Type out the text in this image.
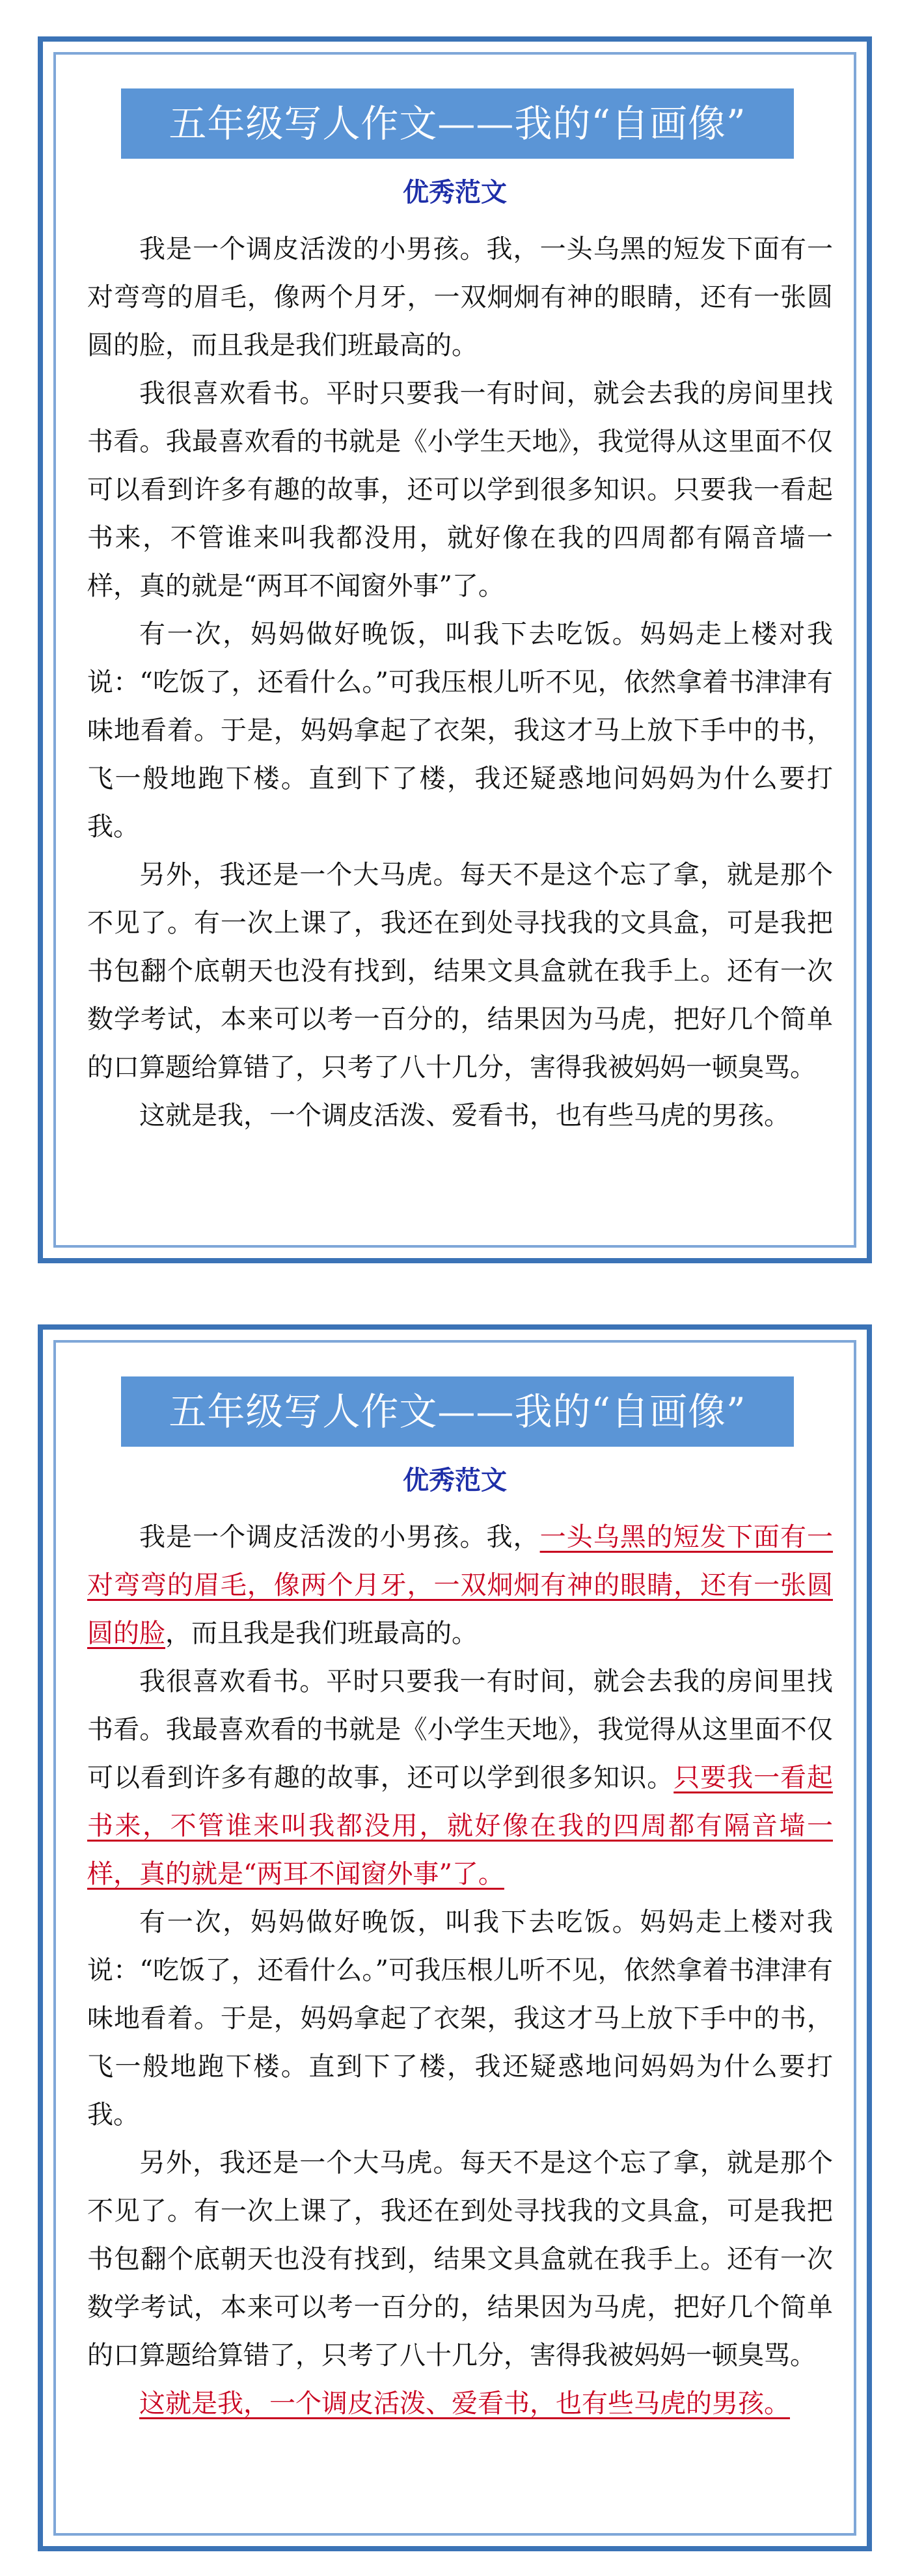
五年级写人作文——我的“自画像”
优秀范文

我是一个调皮活泼的小男孩。我，一头乌黑的短发下面有一对弯弯的眉毛，像两个月牙，一双炯炯有神的眼睛，还有一张圆圆的脸，而且我是我们班最高的。

我很喜欢看书。平时只要我一有时间，就会去我的房间里找书看。我最喜欢看的书就是《小学生天地》，我觉得从这里面不仅可以看到许多有趣的故事，还可以学到很多知识。只要我一看起书来，不管谁来叫我都没用，就好像在我的四周都有隔音墙一样，真的就是“两耳不闻窗外事”了。

有一次，妈妈做好晚饭，叫我下去吃饭。妈妈走上楼对我说：“吃饭了，还看什么。”可我压根儿听不见，依然拿着书津津有味地看着。于是，妈妈拿起了衣架，我这才马上放下手中的书，飞一般地跑下楼。直到下了楼，我还疑惑地问妈妈为什么要打我。

另外，我还是一个大马虎。每天不是这个忘了拿，就是那个不见了。有一次上课了，我还在到处寻找我的文具盒，可是我把书包翻个底朝天也没有找到，结果文具盒就在我手上。还有一次数学考试，本来可以考一百分的，结果因为马虎，把好几个简单的口算题给算错了，只考了八十几分，害得我被妈妈一顿臭骂。

这就是我，一个调皮活泼、爱看书，也有些马虎的男孩。

五年级写人作文——我的“自画像”
优秀范文

我是一个调皮活泼的小男孩。我，一头乌黑的短发下面有一对弯弯的眉毛，像两个月牙，一双炯炯有神的眼睛，还有一张圆圆的脸，而且我是我们班最高的。

我很喜欢看书。平时只要我一有时间，就会去我的房间里找书看。我最喜欢看的书就是《小学生天地》，我觉得从这里面不仅可以看到许多有趣的故事，还可以学到很多知识。只要我一看起书来，不管谁来叫我都没用，就好像在我的四周都有隔音墙一样，真的就是“两耳不闻窗外事”了。

有一次，妈妈做好晚饭，叫我下去吃饭。妈妈走上楼对我说：“吃饭了，还看什么。”可我压根儿听不见，依然拿着书津津有味地看着。于是，妈妈拿起了衣架，我这才马上放下手中的书，飞一般地跑下楼。直到下了楼，我还疑惑地问妈妈为什么要打我。

另外，我还是一个大马虎。每天不是这个忘了拿，就是那个不见了。有一次上课了，我还在到处寻找我的文具盒，可是我把书包翻个底朝天也没有找到，结果文具盒就在我手上。还有一次数学考试，本来可以考一百分的，结果因为马虎，把好几个简单的口算题给算错了，只考了八十几分，害得我被妈妈一顿臭骂。

这就是我，一个调皮活泼、爱看书，也有些马虎的男孩。
